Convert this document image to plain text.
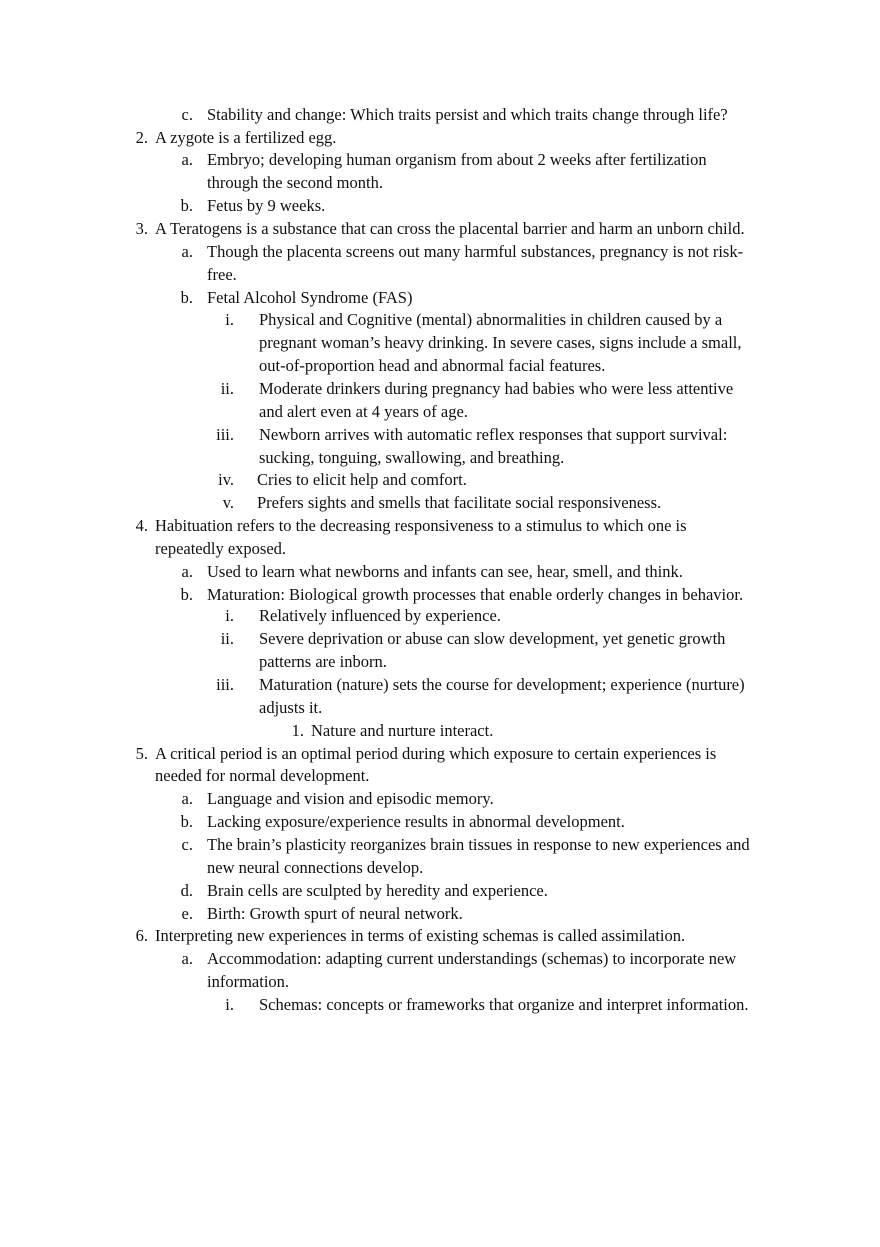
c. Stability and change: Which traits persist and which traits change through life?
2. A zygote is a fertilized egg.
a. Embryo; developing human organism from about 2 weeks after fertilization
through the second month.
b. Fetus by 9 weeks.
3. A Teratogens is a substance that can cross the placental barrier and harm an unborn child.
a. Though the placenta screens out many harmful substances, pregnancy is not risk-
free.
b. Fetal Alcohol Syndrome (FAS)
i. Physical and Cognitive (mental) abnormalities in children caused by a
pregnant woman’s heavy drinking. In severe cases, signs include a small,
out-of-proportion head and abnormal facial features.
ii. Moderate drinkers during pregnancy had babies who were less attentive
and alert even at 4 years of age.
iii. Newborn arrives with automatic reflex responses that support survival:
sucking, tonguing, swallowing, and breathing.
iv. Cries to elicit help and comfort.
v. Prefers sights and smells that facilitate social responsiveness.
4. Habituation refers to the decreasing responsiveness to a stimulus to which one is
repeatedly exposed.
a. Used to learn what newborns and infants can see, hear, smell, and think.
b. Maturation: Biological growth processes that enable orderly changes in behavior.
i. Relatively influenced by experience.
ii. Severe deprivation or abuse can slow development, yet genetic growth
patterns are inborn.
iii. Maturation (nature) sets the course for development; experience (nurture)
adjusts it.
1. Nature and nurture interact.
5. A critical period is an optimal period during which exposure to certain experiences is
needed for normal development.
a. Language and vision and episodic memory.
b. Lacking exposure/experience results in abnormal development.
c. The brain’s plasticity reorganizes brain tissues in response to new experiences and
new neural connections develop.
d. Brain cells are sculpted by heredity and experience.
e. Birth: Growth spurt of neural network.
6. Interpreting new experiences in terms of existing schemas is called assimilation.
a. Accommodation: adapting current understandings (schemas) to incorporate new
information.
i. Schemas: concepts or frameworks that organize and interpret information.
